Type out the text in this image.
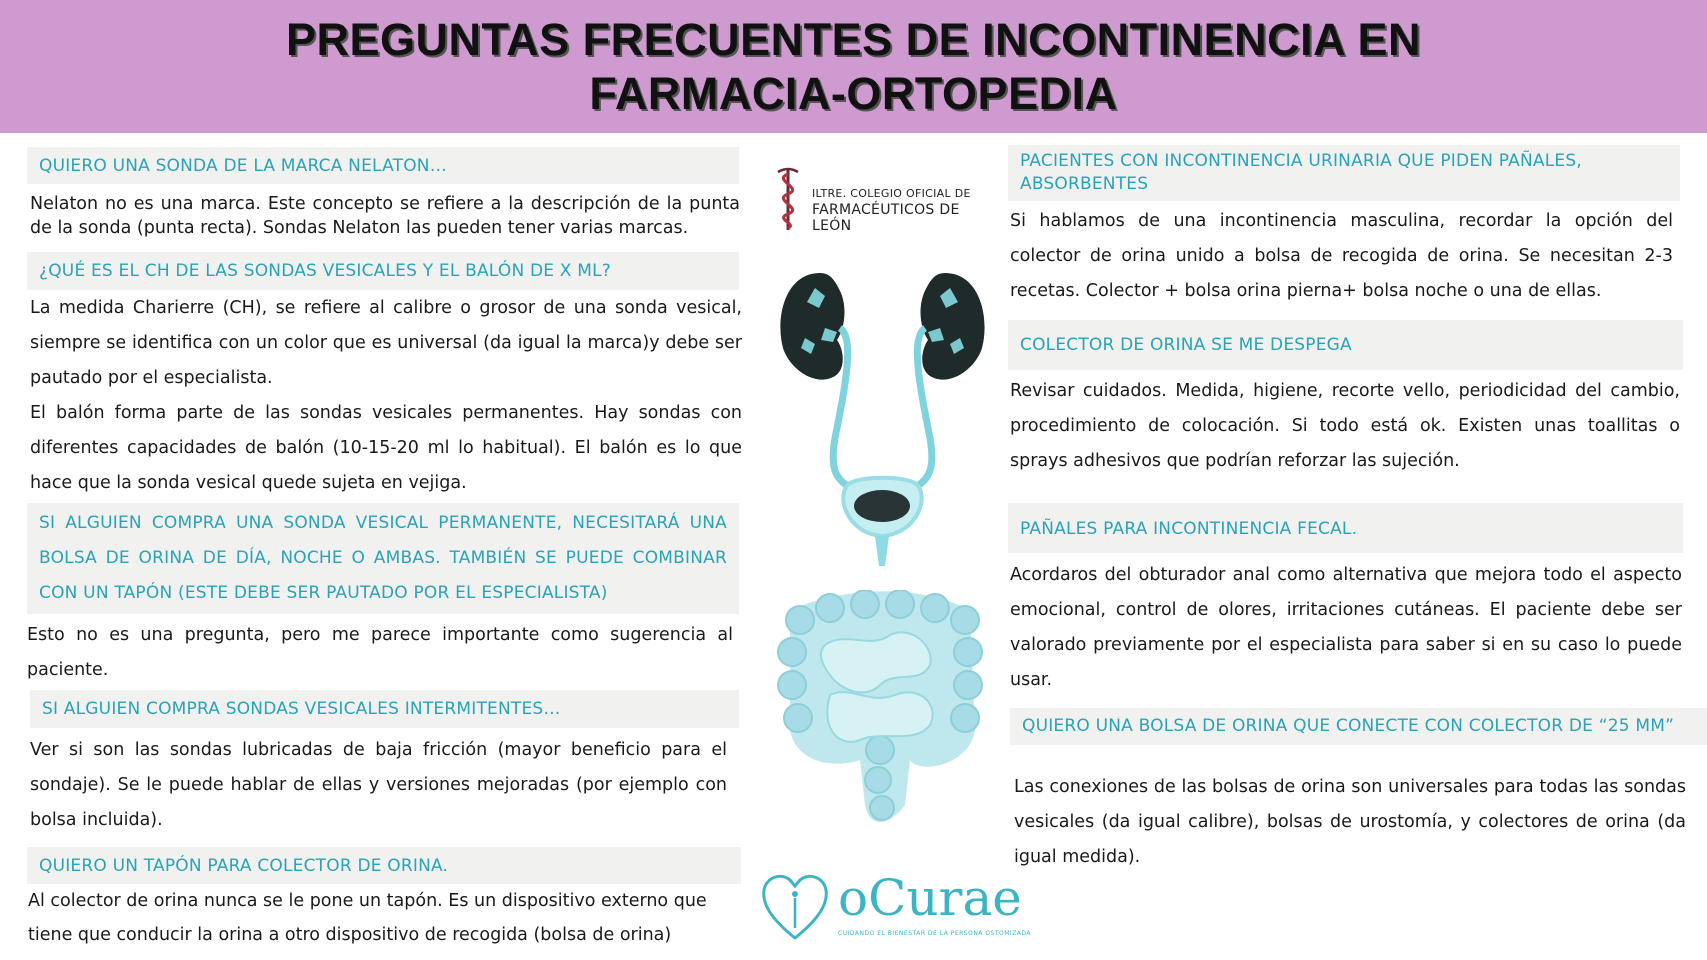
PREGUNTAS FRECUENTES DE INCONTINENCIA EN
FARMACIA-ORTOPEDIA
QUIERO UNA SONDA DE LA MARCA NELATON…

Nelaton no es una marca. Este concepto se refiere a la descripción de la punta de la sonda (punta recta). Sondas Nelaton las pueden tener varias marcas.

¿QUÉ ES EL CH DE LAS SONDAS VESICALES Y EL BALÓN DE X ML?

La medida Charierre (CH), se refiere al calibre o grosor de una sonda vesical, siempre se identifica con un color que es universal (da igual la marca)y debe ser pautado por el especialista.

El balón forma parte de las sondas vesicales permanentes. Hay sondas con diferentes capacidades de balón (10-15-20 ml lo habitual). El balón es lo que hace que la sonda vesical quede sujeta en vejiga.

SI ALGUIEN COMPRA UNA SONDA VESICAL PERMANENTE, NECESITARÁ UNA BOLSA DE ORINA DE DÍA, NOCHE O AMBAS. TAMBIÉN SE PUEDE COMBINAR CON UN TAPÓN (ESTE DEBE SER PAUTADO POR EL ESPECIALISTA)

Esto no es una pregunta, pero me parece importante como sugerencia al paciente.

SI ALGUIEN COMPRA SONDAS VESICALES INTERMITENTES…

Ver si son las sondas lubricadas de baja fricción (mayor beneficio para el sondaje). Se le puede hablar de ellas y versiones mejoradas (por ejemplo con bolsa incluida).

QUIERO UN TAPÓN PARA COLECTOR DE ORINA.

Al colector de orina nunca se le pone un tapón. Es un dispositivo externo que tiene que conducir la orina a otro dispositivo de recogida (bolsa de orina)

ILTRE. COLEGIO OFICIAL DE
FARMACÉUTICOS DE LEÓN
oCurae
CUIDANDO EL BIENESTAR DE LA PERSONA OSTOMIZADA
PACIENTES CON INCONTINENCIA URINARIA QUE PIDEN PAÑALES, ABSORBENTES

Si hablamos de una incontinencia masculina, recordar la opción del colector de orina unido a bolsa de recogida de orina. Se necesitan 2-3 recetas. Colector + bolsa orina pierna+ bolsa noche o una de ellas.

COLECTOR DE ORINA SE ME DESPEGA

Revisar cuidados. Medida, higiene, recorte vello, periodicidad del cambio, procedimiento de colocación. Si todo está ok. Existen unas toallitas o sprays adhesivos que podrían reforzar las sujeción.

PAÑALES PARA INCONTINENCIA FECAL.

Acordaros del obturador anal como alternativa que mejora todo el aspecto emocional, control de olores, irritaciones cutáneas. El paciente debe ser valorado previamente por el especialista para saber si en su caso lo puede usar.

QUIERO UNA BOLSA DE ORINA QUE CONECTE CON COLECTOR DE “25 MM”

Las conexiones de las bolsas de orina son universales para todas las sondas vesicales (da igual calibre), bolsas de urostomía, y colectores de orina (da igual medida).
